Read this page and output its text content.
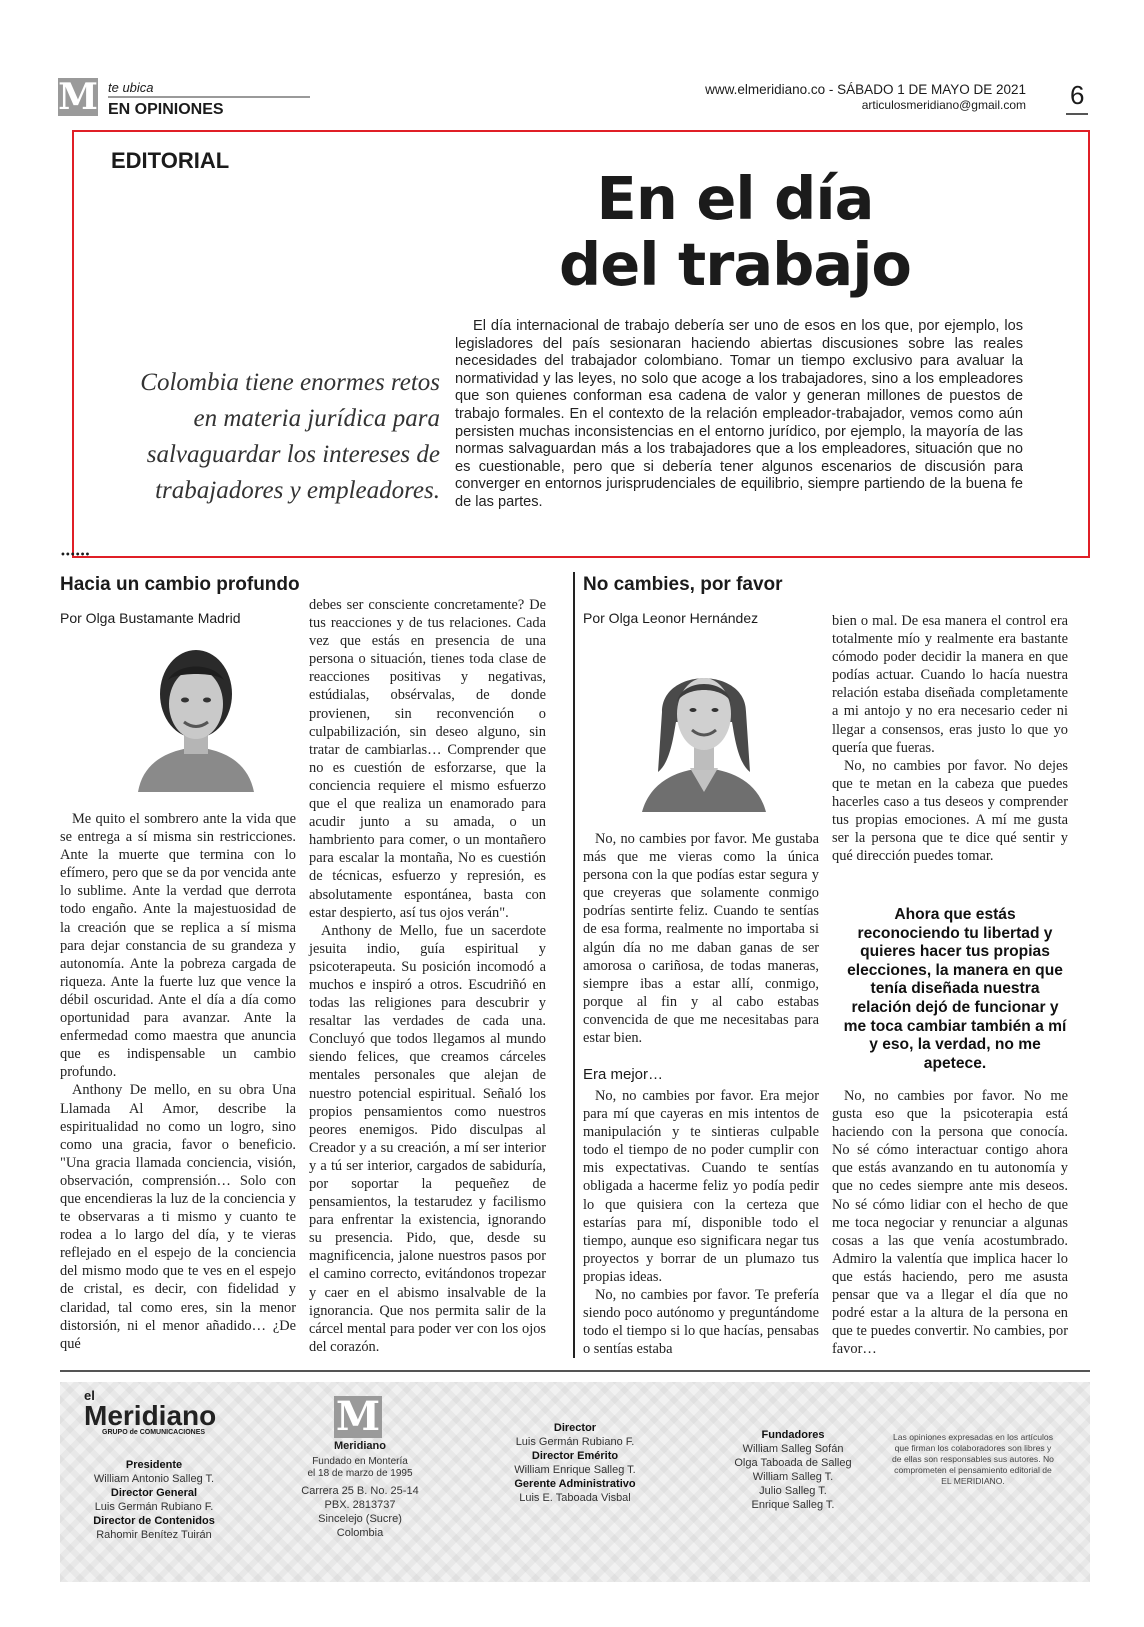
M te ubica
EN OPINIONES
www.elmeridiano.co - SÁBADO 1 DE MAYO DE 2021
articulosmeridiano@gmail.com 6
EDITORIAL
En el día
del trabajo
Colombia tiene enormes retos en materia jurídica para salvaguardar los intereses de trabajadores y empleadores.
El día internacional de trabajo debería ser uno de esos en los que, por ejemplo, los legisladores del país sesionaran haciendo abiertas discusiones sobre las reales necesidades del trabajador colombiano. Tomar un tiempo exclusivo para avaluar la normatividad y las leyes, no solo que acoge a los trabajadores, sino a los empleadores que son quienes conforman esa cadena de valor y generan millones de puestos de trabajo formales. En el contexto de la relación empleador-trabajador, vemos como aún persisten muchas inconsistencias en el entorno jurídico, por ejemplo, la mayoría de las normas salvaguardan más a los trabajadores que a los empleadores, situación que no es cuestionable, pero que si debería tener algunos escenarios de discusión para converger en entornos jurisprudenciales de equilibrio, siempre partiendo de la buena fe de las partes.
••••••
Hacia un cambio profundo
Por Olga Bustamante Madrid

Me quito el sombrero ante la vida que se entrega a sí misma sin restricciones. Ante la muerte que termina con lo efímero, pero que se da por vencida ante lo sublime. Ante la verdad que derrota todo engaño. Ante la majestuosidad de la creación que se replica a sí misma para dejar constancia de su grandeza y autonomía. Ante la pobreza cargada de riqueza. Ante la fuerte luz que vence la débil oscuridad. Ante el día a día como oportunidad para avanzar. Ante la enfermedad como maestra que anuncia que es indispensable un cambio profundo.

Anthony De mello, en su obra Una Llamada Al Amor, describe la espiritualidad no como un logro, sino como una gracia, favor o beneficio. "Una gracia llamada conciencia, visión, observación, comprensión… Solo con que encendieras la luz de la conciencia y te observaras a ti mismo y cuanto te rodea a lo largo del día, y te vieras reflejado en el espejo de la conciencia del mismo modo que te ves en el espejo de cristal, es decir, con fidelidad y claridad, tal como eres, sin la menor distorsión, ni el menor añadido… ¿De qué

debes ser consciente concretamente? De tus reacciones y de tus relaciones. Cada vez que estás en presencia de una persona o situación, tienes toda clase de reacciones positivas y negativas, estúdialas, obsérvalas, de donde provienen, sin reconvención o culpabilización, sin deseo alguno, sin tratar de cambiarlas… Comprender que no es cuestión de esforzarse, que la conciencia requiere el mismo esfuerzo que el que realiza un enamorado para acudir junto a su amada, o un hambriento para comer, o un montañero para escalar la montaña, No es cuestión de técnicas, esfuerzo y represión, es absolutamente espontánea, basta con estar despierto, así tus ojos verán".

Anthony de Mello, fue un sacerdote jesuita indio, guía espiritual y psicoterapeuta. Su posición incomodó a muchos e inspiró a otros. Escudriñó en todas las religiones para descubrir y resaltar las verdades de cada una. Concluyó que todos llegamos al mundo siendo felices, que creamos cárceles mentales personales que alejan de nuestro potencial espiritual. Señaló los propios pensamientos como nuestros peores enemigos. Pido disculpas al Creador y a su creación, a mí ser interior y a tú ser interior, cargados de sabiduría, por soportar la pequeñez de pensamientos, la testarudez y facilismo para enfrentar la existencia, ignorando su presencia. Pido, que, desde su magnificencia, jalone nuestros pasos por el camino correcto, evitándonos tropezar y caer en el abismo insalvable de la ignorancia. Que nos permita salir de la cárcel mental para poder ver con los ojos del corazón.

No cambies, por favor
Por Olga Leonor Hernández

No, no cambies por favor. Me gustaba más que me vieras como la única persona con la que podías estar segura y que creyeras que solamente conmigo podrías sentirte feliz. Cuando te sentías de esa forma, realmente no importaba si algún día no me daban ganas de ser amorosa o cariñosa, de todas maneras, siempre ibas a estar allí, conmigo, porque al fin y al cabo estabas convencida de que me necesitabas para estar bien.

Era mejor…

No, no cambies por favor. Era mejor para mí que cayeras en mis intentos de manipulación y te sintieras culpable todo el tiempo de no poder cumplir con mis expectativas. Cuando te sentías obligada a hacerme feliz yo podía pedir lo que quisiera con la certeza que estarías para mí, disponible todo el tiempo, aunque eso significara negar tus proyectos y borrar de un plumazo tus propias ideas.

No, no cambies por favor. Te prefería siendo poco autónomo y preguntándome todo el tiempo si lo que hacías, pensabas o sentías estaba

bien o mal. De esa manera el control era totalmente mío y realmente era bastante cómodo poder decidir la manera en que podías actuar. Cuando lo hacía nuestra relación estaba diseñada completamente a mi antojo y no era necesario ceder ni llegar a consensos, eras justo lo que yo quería que fueras.

No, no cambies por favor. No dejes que te metan en la cabeza que puedes hacerles caso a tus deseos y comprender tus propias emociones. A mí me gusta ser la persona que te dice qué sentir y qué dirección puedes tomar.

Ahora que estás reconociendo tu libertad y quieres hacer tus propias elecciones, la manera en que tenía diseñada nuestra relación dejó de funcionar y me toca cambiar también a mí y eso, la verdad, no me apetece.

No, no cambies por favor. No me gusta eso que la psicoterapia está haciendo con la persona que conocía. No sé cómo interactuar contigo ahora que estás avanzando en tu autonomía y que no cedes siempre ante mis deseos. No sé cómo lidiar con el hecho de que me toca negociar y renunciar a algunas cosas a las que venía acostumbrado. Admiro la valentía que implica hacer lo que estás haciendo, pero me asusta pensar que va a llegar el día que no podré estar a la altura de la persona en que te puedes convertir. No cambies, por favor…

el
Meridiano
GRUPO de COMUNICACIONES
Presidente
William Antonio Salleg T.
Director General
Luis Germán Rubiano F.
Director de Contenidos
Rahomir Benítez Tuirán
M
Meridiano
Fundado en Montería
el 18 de marzo de 1995
Carrera 25 B. No. 25-14
PBX. 2813737
Sincelejo (Sucre) Colombia
Director
Luis Germán Rubiano F.
Director Emérito
William Enrique Salleg T.
Gerente Administrativo
Luis E. Taboada Visbal
Fundadores
William Salleg Sofán
Olga Taboada de Salleg
William Salleg T.
Julio Salleg T.
Enrique Salleg T.
Las opiniones expresadas en los artículos que firman los colaboradores son libres y de ellas son responsables sus autores. No comprometen el pensamiento editorial de EL MERIDIANO.
